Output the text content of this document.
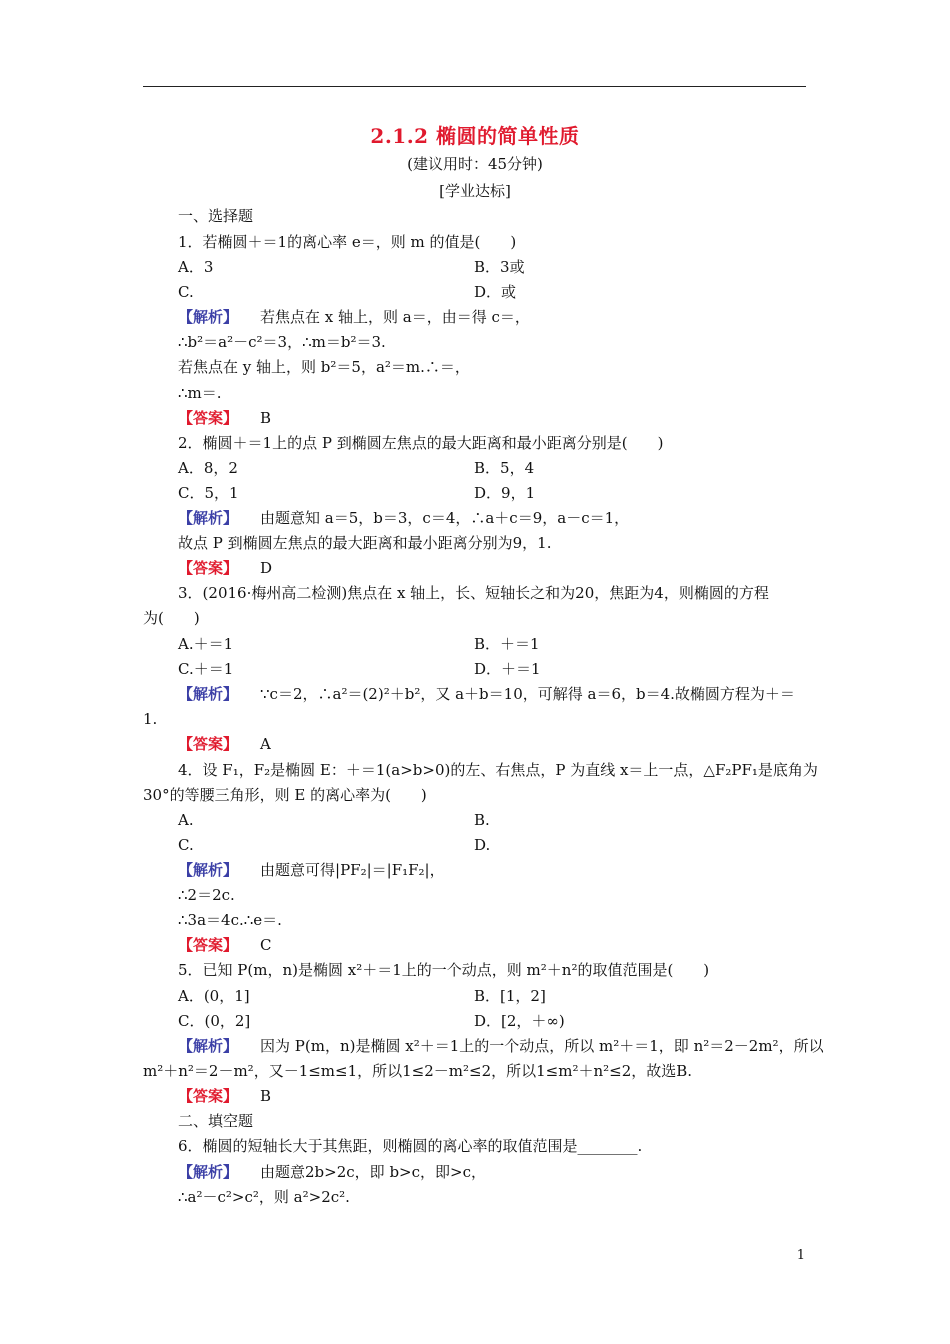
2.1.2 椭圆的简单性质
(建议用时：45分钟)
[学业达标]
一、选择题
1．若椭圆＋＝1的离心率 e＝，则 m 的值是(　　)
A．3	B．3或
C.	D．或
【解析】 若焦点在 x 轴上，则 a＝，由＝得 c＝，
∴b²＝a²－c²＝3，∴m＝b²＝3.
若焦点在 y 轴上，则 b²＝5，a²＝m.∴＝，
∴m＝.
【答案】 B
2．椭圆＋＝1上的点 P 到椭圆左焦点的最大距离和最小距离分别是(　　)
A．8，2	B．5，4
C．5，1	D．9，1
【解析】 由题意知 a＝5，b＝3，c＝4，∴a＋c＝9，a－c＝1，
故点 P 到椭圆左焦点的最大距离和最小距离分别为9，1.
【答案】 D
3．(2016·梅州高二检测)焦点在 x 轴上，长、短轴长之和为20，焦距为4，则椭圆的方程
为(　　)
A.＋＝1	B．＋＝1
C.＋＝1	D．＋＝1
【解析】 ∵c＝2，∴a²＝(2)²＋b²，又 a＋b＝10，可解得 a＝6，b＝4.故椭圆方程为＋＝
1.
【答案】 A
4．设 F₁，F₂是椭圆 E：＋＝1(a>b>0)的左、右焦点，P 为直线 x＝上一点，△F₂PF₁是底角为
30°的等腰三角形，则 E 的离心率为(　　)
A.	B.
C.	D.
【解析】 由题意可得|PF₂|＝|F₁F₂|，
∴2＝2c.
∴3a＝4c.∴e＝.
【答案】 C
5．已知 P(m，n)是椭圆 x²＋＝1上的一个动点，则 m²＋n²的取值范围是(　　)
A．(0，1]	B．[1，2]
C．(0，2]	D．[2，＋∞)
【解析】 因为 P(m，n)是椭圆 x²＋＝1上的一个动点，所以 m²＋＝1，即 n²＝2－2m²，所以
m²＋n²＝2－m²，又－1≤m≤1，所以1≤2－m²≤2，所以1≤m²＋n²≤2，故选B.
【答案】 B
二、填空题
6．椭圆的短轴长大于其焦距，则椭圆的离心率的取值范围是________.
【解析】 由题意2b>2c，即 b>c，即>c，
∴a²－c²>c²，则 a²>2c².
1
